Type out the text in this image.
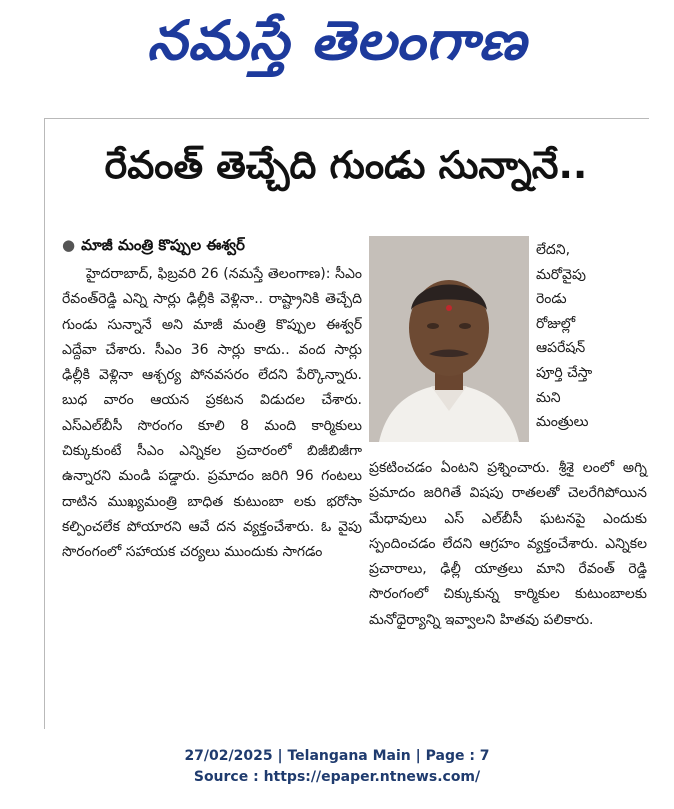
నమస్తే తెలంగాణ
రేవంత్ తెచ్చేది గుండు సున్నానే..
● మాజీ మంత్రి కొప్పుల ఈశ్వర్

హైదరాబాద్, ఫిబ్రవరి 26 (నమస్తే తెలంగాణ): సీఎం రేవంత్‌రెడ్డి ఎన్ని సార్లు ఢిల్లీకి వెళ్లినా.. రాష్ట్రానికి తెచ్చేది గుండు సున్నానే అని మాజీ మంత్రి కొప్పుల ఈశ్వర్ ఎద్దేవా చేశారు. సీఎం 36 సార్లు కాదు.. వంద సార్లు ఢిల్లీకి వెళ్లినా ఆశ్చర్య పోనవసరం లేదని పేర్కొన్నారు. బుధ వారం ఆయన ప్రకటన విడుదల చేశారు. ఎస్‌ఎల్‌బీసీ సొరంగం కూలి 8 మంది కార్మికులు చిక్కుకుంటే సీఎం ఎన్నికల ప్రచారంలో బిజీబిజీగా ఉన్నారని మండి పడ్డారు. ప్రమాదం జరిగి 96 గంటలు దాటిన ముఖ్యమంత్రి బాధిత కుటుంబా లకు భరోసా కల్పించలేక పోయారని ఆవే దన వ్యక్తంచేశారు. ఓ వైపు సొరంగంలో సహాయక చర్యలు ముందుకు సాగడం

లేదని,
మరోవైపు
రెండు
రోజుల్లో
ఆపరేషన్
పూర్తి చేస్తా
మని
మంత్రులు

ప్రకటించడం ఏంటని ప్రశ్నించారు. శ్రీశై లంలో అగ్ని ప్రమాదం జరిగితే విషపు రాతలతో చెలరేగిపోయిన మేధావులు ఎస్ ఎల్‌బీసీ ఘటనపై ఎందుకు స్పందించడం లేదని ఆగ్రహం వ్యక్తంచేశారు. ఎన్నికల ప్రచారాలు, ఢిల్లీ యాత్రలు మాని రేవంత్ రెడ్డి సొరంగంలో చిక్కుకున్న కార్మికుల కుటుంబాలకు మనోధైర్యాన్ని ఇవ్వాలని హితవు పలికారు.

27/02/2025 | Telangana Main | Page : 7
Source : https://epaper.ntnews.com/
